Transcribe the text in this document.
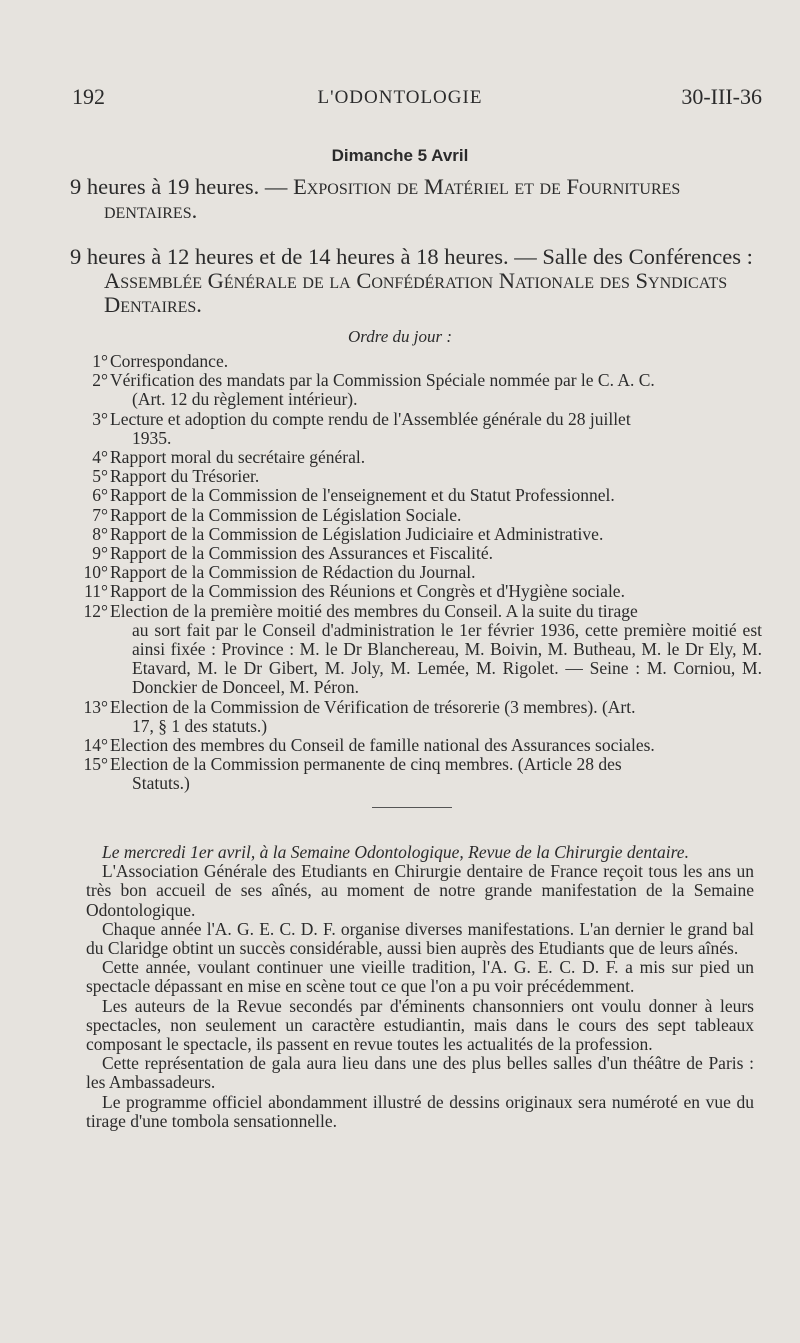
192	L'ODONTOLOGIE	30-III-36
Dimanche 5 Avril
9 heures à 19 heures. — Exposition de Matériel et de Fournitures dentaires.
9 heures à 12 heures et de 14 heures à 18 heures. — Salle des Conférences : Assemblée Générale de la Confédération Nationale des Syndicats Dentaires.
Ordre du jour :
1° Correspondance.
2° Vérification des mandats par la Commission Spéciale nommée par le C. A. C.
(Art. 12 du règlement intérieur).
3° Lecture et adoption du compte rendu de l'Assemblée générale du 28 juillet
1935.
4° Rapport moral du secrétaire général.
5° Rapport du Trésorier.
6° Rapport de la Commission de l'enseignement et du Statut Professionnel.
7° Rapport de la Commission de Législation Sociale.
8° Rapport de la Commission de Législation Judiciaire et Administrative.
9° Rapport de la Commission des Assurances et Fiscalité.
10° Rapport de la Commission de Rédaction du Journal.
11° Rapport de la Commission des Réunions et Congrès et d'Hygiène sociale.
12° Election de la première moitié des membres du Conseil. A la suite du tirage
au sort fait par le Conseil d'administration le 1er février 1936, cette première moitié est ainsi fixée : Province : M. le Dr Blanchereau, M. Boivin, M. Butheau, M. le Dr Ely, M. Etavard, M. le Dr Gibert, M. Joly, M. Lemée, M. Rigolet. — Seine : M. Corniou, M. Donckier de Donceel, M. Péron.
13° Election de la Commission de Vérification de trésorerie (3 membres). (Art.
17, § 1 des statuts.)
14° Election des membres du Conseil de famille national des Assurances sociales.
15° Election de la Commission permanente de cinq membres. (Article 28 des
Statuts.)

Le mercredi 1er avril, à la Semaine Odontologique, Revue de la Chirurgie dentaire.

L'Association Générale des Etudiants en Chirurgie dentaire de France reçoit tous les ans un très bon accueil de ses aînés, au moment de notre grande manifestation de la Semaine Odontologique.

Chaque année l'A. G. E. C. D. F. organise diverses manifestations. L'an dernier le grand bal du Claridge obtint un succès considérable, aussi bien auprès des Etudiants que de leurs aînés.

Cette année, voulant continuer une vieille tradition, l'A. G. E. C. D. F. a mis sur pied un spectacle dépassant en mise en scène tout ce que l'on a pu voir précédemment.

Les auteurs de la Revue secondés par d'éminents chansonniers ont voulu donner à leurs spectacles, non seulement un caractère estudiantin, mais dans le cours des sept tableaux composant le spectacle, ils passent en revue toutes les actualités de la profession.

Cette représentation de gala aura lieu dans une des plus belles salles d'un théâtre de Paris : les Ambassadeurs.

Le programme officiel abondamment illustré de dessins originaux sera numéroté en vue du tirage d'une tombola sensationnelle.
